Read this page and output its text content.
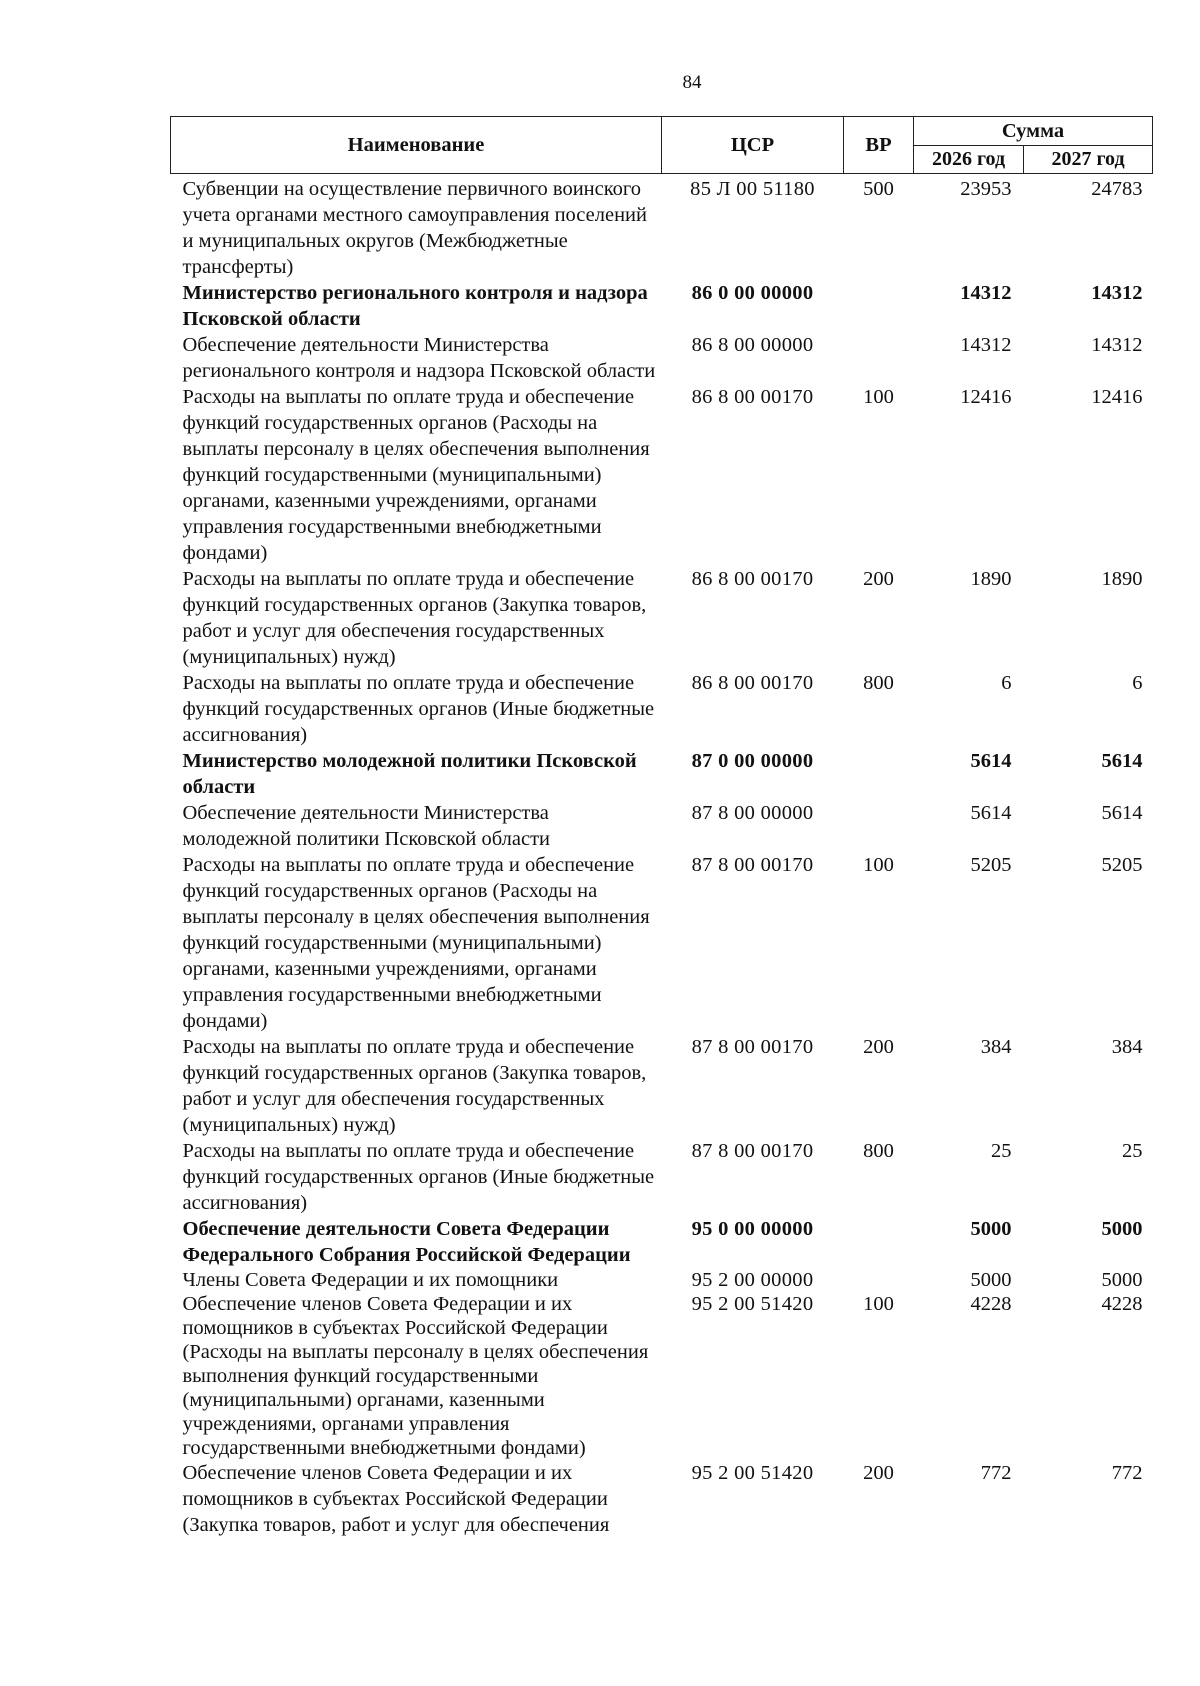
84
Наименование	ЦСР	ВР	Сумма	
			2026 год	2027 год
Субвенции на осуществление первичного воинского учета органами местного самоуправления поселений и муниципальных округов (Межбюджетные трансферты)	85 Л 00 51180	500	23953	24783
Министерство регионального контроля и надзора Псковской области	86 0 00 00000		14312	14312
Обеспечение деятельности Министерства регионального контроля и надзора Псковской области	86 8 00 00000		14312	14312
Расходы на выплаты по оплате труда и обеспечение функций государственных органов (Расходы на выплаты персоналу в целях обеспечения выполнения функций государственными (муниципальными) органами, казенными учреждениями, органами управления государственными внебюджетными фондами)	86 8 00 00170	100	12416	12416
Расходы на выплаты по оплате труда и обеспечение функций государственных органов (Закупка товаров, работ и услуг для обеспечения государственных (муниципальных) нужд)	86 8 00 00170	200	1890	1890
Расходы на выплаты по оплате труда и обеспечение функций государственных органов (Иные бюджетные ассигнования)	86 8 00 00170	800	6	6
Министерство молодежной политики Псковской области	87 0 00 00000		5614	5614
Обеспечение деятельности Министерства молодежной политики Псковской области	87 8 00 00000		5614	5614
Расходы на выплаты по оплате труда и обеспечение функций государственных органов (Расходы на выплаты персоналу в целях обеспечения выполнения функций государственными (муниципальными) органами, казенными учреждениями, органами управления государственными внебюджетными фондами)	87 8 00 00170	100	5205	5205
Расходы на выплаты по оплате труда и обеспечение функций государственных органов (Закупка товаров, работ и услуг для обеспечения государственных (муниципальных) нужд)	87 8 00 00170	200	384	384
Расходы на выплаты по оплате труда и обеспечение функций государственных органов (Иные бюджетные ассигнования)	87 8 00 00170	800	25	25
Обеспечение деятельности Совета Федерации Федерального Собрания Российской Федерации	95 0 00 00000		5000	5000
Члены Совета Федерации и их помощники	95 2 00 00000		5000	5000
Обеспечение членов Совета Федерации и их помощников в субъектах Российской Федерации (Расходы на выплаты персоналу в целях обеспечения выполнения функций государственными (муниципальными) органами, казенными учреждениями, органами управления государственными внебюджетными фондами)	95 2 00 51420	100	4228	4228
Обеспечение членов Совета Федерации и их помощников в субъектах Российской Федерации (Закупка товаров, работ и услуг для обеспечения	95 2 00 51420	200	772	772
